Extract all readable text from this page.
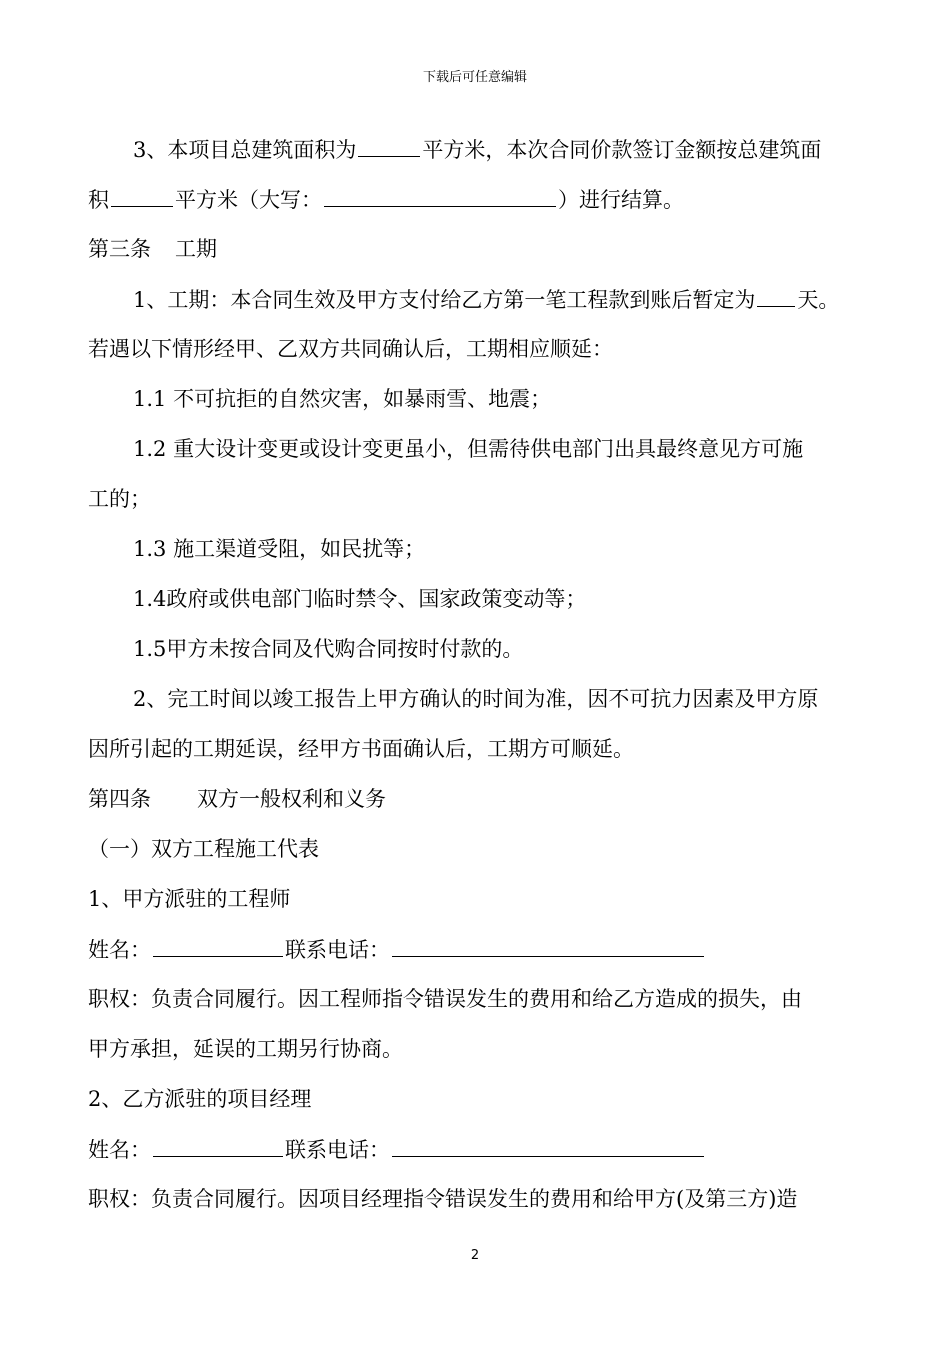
下载后可任意编辑
3、本项目总建筑面积为	平方米，本次合同价款签订金额按总建筑面
积	平方米（大写：	）进行结算。
第三条 工期
1、工期：本合同生效及甲方支付给乙方第一笔工程款到账后暂定为 天。
若遇以下情形经甲、乙双方共同确认后，工期相应顺延：
1.1 不可抗拒的自然灾害，如暴雨雪、地震；
1.2 重大设计变更或设计变更虽小，但需待供电部门出具最终意见方可施
工的；
1.3 施工渠道受阻，如民扰等；
1.4政府或供电部门临时禁令、国家政策变动等；
1.5甲方未按合同及代购合同按时付款的。
2、完工时间以竣工报告上甲方确认的时间为准，因不可抗力因素及甲方原
因所引起的工期延误，经甲方书面确认后，工期方可顺延。
第四条 双方一般权利和义务
（一）双方工程施工代表
1、甲方派驻的工程师
姓名：	联系电话：
职权：负责合同履行。因工程师指令错误发生的费用和给乙方造成的损失，由
甲方承担，延误的工期另行协商。
2、乙方派驻的项目经理
姓名：	联系电话：
职权：负责合同履行。因项目经理指令错误发生的费用和给甲方(及第三方)造
2
